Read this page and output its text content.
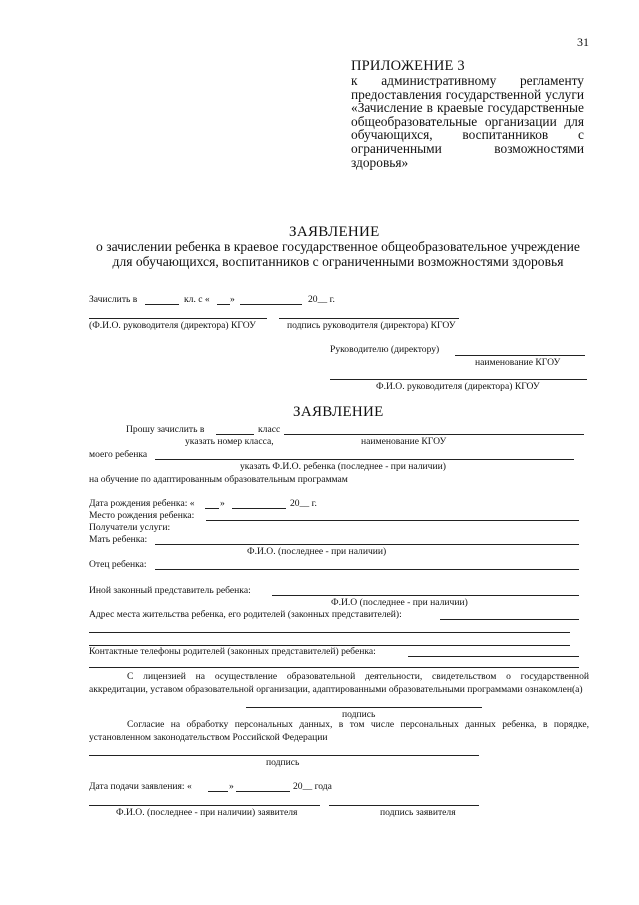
31
ПРИЛОЖЕНИЕ 3
к административному регламенту предоставления государственной услуги «Зачисление в краевые государственные общеобразовательные организации для обучающихся, воспитанников с ограниченными возможностями здоровья»
ЗАЯВЛЕНИЕ
о зачислении ребенка в краевое государственное общеобразовательное учреждение для обучающихся, воспитанников с ограниченными возможностями здоровья
Зачислить в	кл. с « »	20__ г.
(Ф.И.О. руководителя (директора) КГОУ	подпись руководителя (директора) КГОУ
Руководителю (директору)
наименование КГОУ
Ф.И.О. руководителя (директора) КГОУ
ЗАЯВЛЕНИЕ
Прошу зачислить в	класс
указать номер класса,	наименование КГОУ
моего ребенка
указать Ф.И.О. ребенка (последнее - при наличии)
на обучение по адаптированным образовательным программам
Дата рождения ребенка: «	»	20__ г.
Место рождения ребенка:
Получатели услуги:
Мать ребенка:
Ф.И.О. (последнее - при наличии)
Отец ребенка:
Иной законный представитель ребенка:
Ф.И.О (последнее - при наличии)
Адрес места жительства ребенка, его родителей (законных представителей):
Контактные телефоны родителей (законных представителей) ребенка:
С лицензией на осуществление образовательной деятельности, свидетельством о государственной аккредитации, уставом образовательной организации, адаптированными образовательными программами ознакомлен(а)
подпись
Согласие на обработку персональных данных, в том числе персональных данных ребенка, в порядке, установленном законодательством Российской Федерации
подпись
Дата подачи заявления: «	»	20__ года
Ф.И.О. (последнее - при наличии) заявителя	подпись заявителя
